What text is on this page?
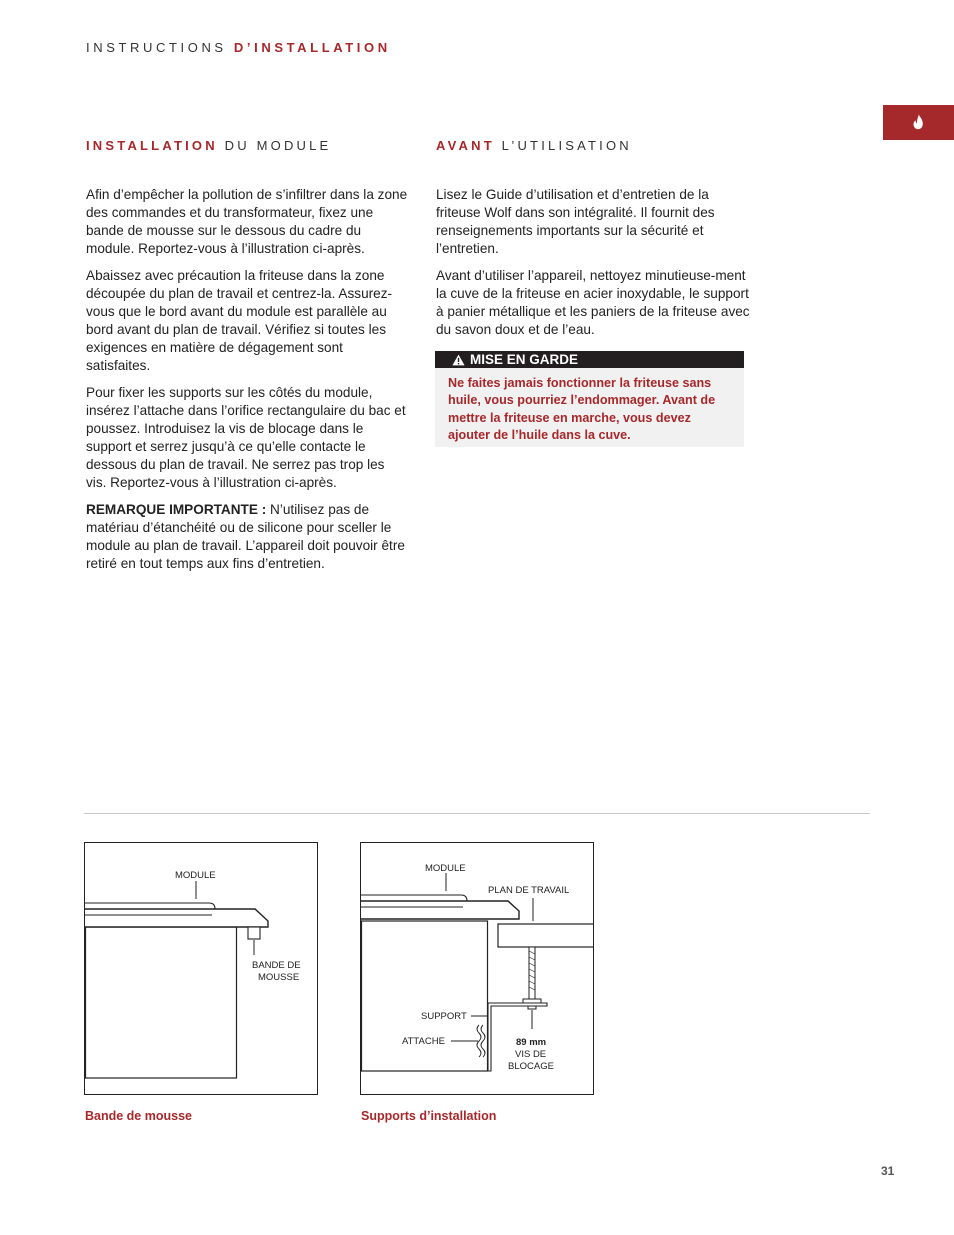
INSTRUCTIONS D’INSTALLATION
INSTALLATION DU MODULE	AVANT L’UTILISATION

Afin d’empêcher la pollution de s’infiltrer dans la zone des commandes et du transformateur, fixez une bande de mousse sur le dessous du cadre du module. Reportez-vous à l’illustration ci-après.

Abaissez avec précaution la friteuse dans la zone découpée du plan de travail et centrez-la. Assurez-vous que le bord avant du module est parallèle au bord avant du plan de travail. Vérifiez si toutes les exigences en matière de dégagement sont satisfaites.

Pour fixer les supports sur les côtés du module, insérez l’attache dans l’orifice rectangulaire du bac et poussez. Introduisez la vis de blocage dans le support et serrez jusqu’à ce qu’elle contacte le dessous du plan de travail. Ne serrez pas trop les vis. Reportez-vous à l’illustration ci-après.

REMARQUE IMPORTANTE : N’utilisez pas de matériau d’étanchéité ou de silicone pour sceller le module au plan de travail. L’appareil doit pouvoir être retiré en tout temps aux fins d’entretien.

Lisez le Guide d’utilisation et d’entretien de la friteuse Wolf dans son intégralité. Il fournit des renseignements importants sur la sécurité et l’entretien.

Avant d’utiliser l’appareil, nettoyez minutieuse-ment la cuve de la friteuse en acier inoxydable, le support à panier métallique et les paniers de la friteuse avec du savon doux et de l’eau.

MISE EN GARDE
Ne faites jamais fonctionner la friteuse sans huile, vous pourriez l’endommager. Avant de mettre la friteuse en marche, vous devez ajouter de l’huile dans la cuve.
MODULE
BANDE DE
MOUSSE
Bande de mousse
MODULE
PLAN DE TRAVAIL
SUPPORT
ATTACHE	89 mm
VIS DE
BLOCAGE
Supports d’installation
31
